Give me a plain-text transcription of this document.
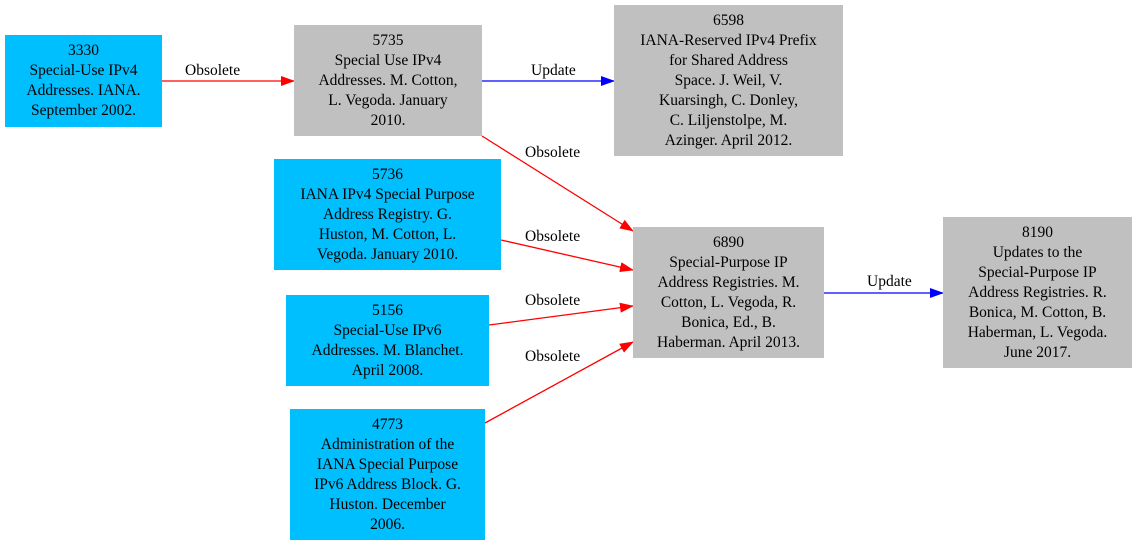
Obsolete	Update
Obsolete
Obsolete
Obsolete
Obsolete
Update
3330
Special-Use IPv4
Addresses. IANA.
September 2002.
5735
Special Use IPv4
Addresses. M. Cotton,
L. Vegoda. January
2010.
6598
IANA-Reserved IPv4 Prefix
for Shared Address
Space. J. Weil, V.
Kuarsingh, C. Donley,
C. Liljenstolpe, M.
Azinger. April 2012.
5736
IANA IPv4 Special Purpose
Address Registry. G.
Huston, M. Cotton, L.
Vegoda. January 2010.
6890
Special-Purpose IP
Address Registries. M.
Cotton, L. Vegoda, R.
Bonica, Ed., B.
Haberman. April 2013.
8190
Updates to the
Special-Purpose IP
Address Registries. R.
Bonica, M. Cotton, B.
Haberman, L. Vegoda.
June 2017.
5156
Special-Use IPv6
Addresses. M. Blanchet.
April 2008.
4773
Administration of the
IANA Special Purpose
IPv6 Address Block. G.
Huston. December
2006.
